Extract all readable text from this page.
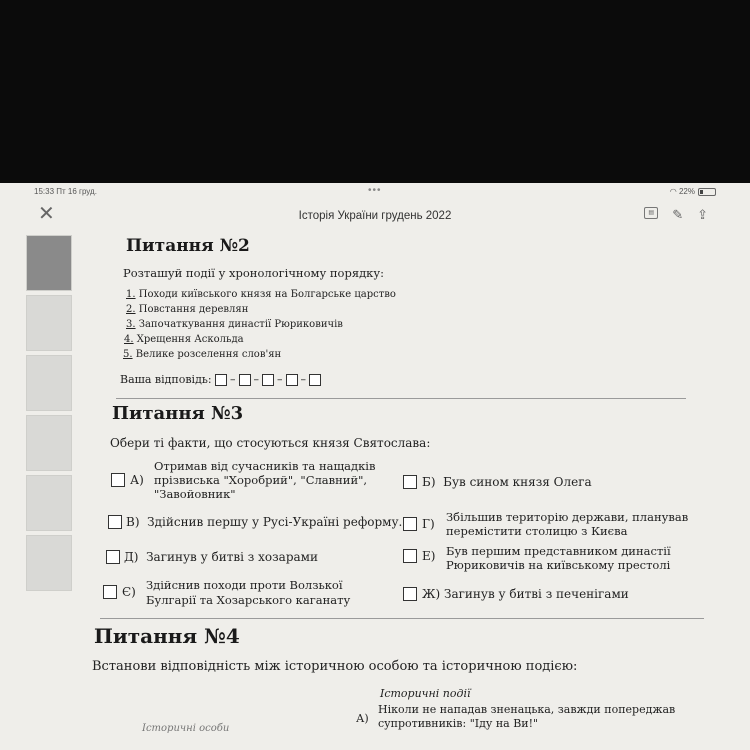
15:33 Пт 16 груд.	•••	◠ 22%
✕	Історія України грудень 2022	▤	✎ ⇪
Питання №2
Розташуй події у хронологічному порядку:
1. Походи київського князя на Болгарське царство
2. Повстання деревлян
3. Започаткування династії Рюриковичів
4. Хрещення Аскольда
5. Велике розселення слов'ян
Ваша відповідь:
– – – –
Питання №3
Обери ті факти, що стосуються князя Святослава:
А)
Отримав від сучасників та нащадків
прізвиська "Хоробрий", "Славний",
"Завойовник"
Б) Був сином князя Олега
В) Здійснив першу у Русі-Україні реформу. Г) Збільшив територію держави, планував
перемістити столицю з Києва
Д) Загинув у битві з хозарами	Е) Був першим представником династії
Рюриковичів на київському престолі
Є) Здійснив походи проти Волзької
Булгарії та Хозарського каганату	Ж) Загинув у битві з печенігами
Питання №4
Встанови відповідність між історичною особою та історичною подією:
Історичні події
А)
Ніколи не нападав зненацька, завжди попереджав
супротивників: "Іду на Ви!"
Історичні особи
